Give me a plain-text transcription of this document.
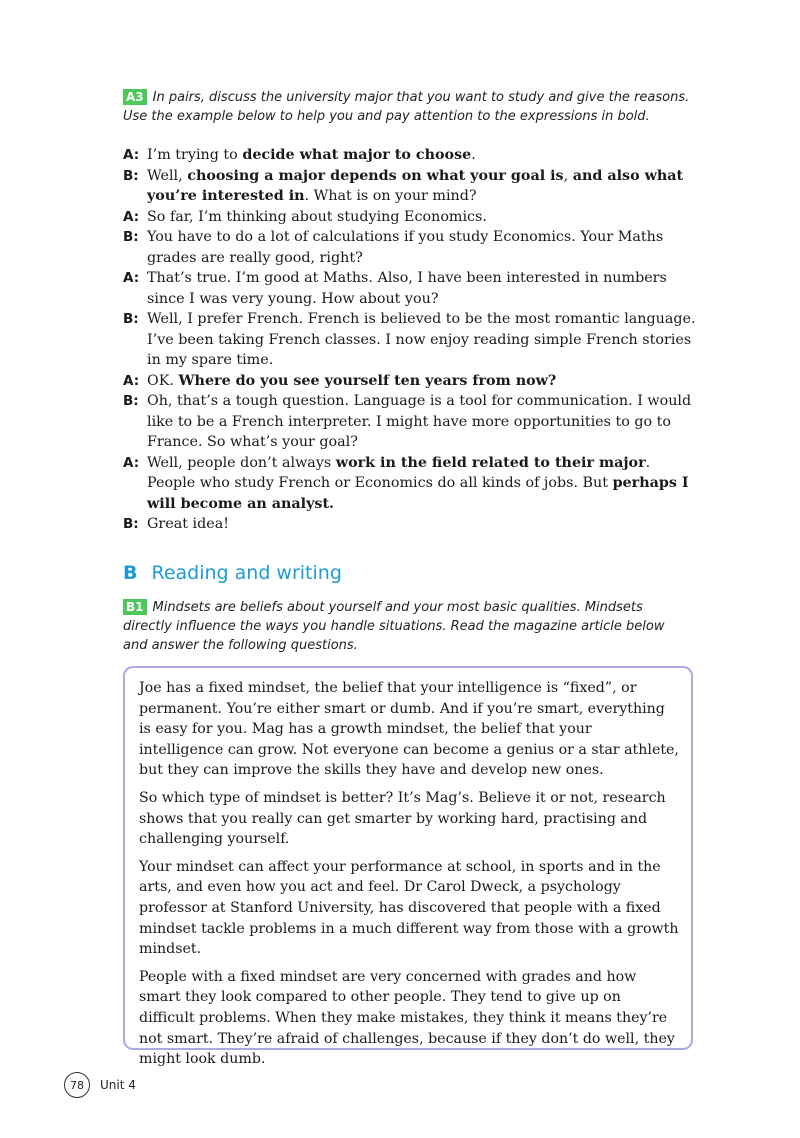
A3 In pairs, discuss the university major that you want to study and give the reasons. Use the example below to help you and pay attention to the expressions in bold.
A: I’m trying to decide what major to choose.
B: Well, choosing a major depends on what your goal is, and also what you’re interested in. What is on your mind?
A: So far, I’m thinking about studying Economics.
B: You have to do a lot of calculations if you study Economics. Your Maths grades are really good, right?
A: That’s true. I’m good at Maths. Also, I have been interested in numbers since I was very young. How about you?
B: Well, I prefer French. French is believed to be the most romantic language. I’ve been taking French classes. I now enjoy reading simple French stories in my spare time.
A: OK. Where do you see yourself ten years from now?
B: Oh, that’s a tough question. Language is a tool for communication. I would like to be a French interpreter. I might have more opportunities to go to France. So what’s your goal?
A: Well, people don’t always work in the field related to their major. People who study French or Economics do all kinds of jobs. But perhaps I will become an analyst.
B: Great idea!
B Reading and writing
B1 Mindsets are beliefs about yourself and your most basic qualities. Mindsets directly influence the ways you handle situations. Read the magazine article below and answer the following questions.

Joe has a fixed mindset, the belief that your intelligence is “fixed”, or permanent. You’re either smart or dumb. And if you’re smart, everything is easy for you. Mag has a growth mindset, the belief that your intelligence can grow. Not everyone can become a genius or a star athlete, but they can improve the skills they have and develop new ones.

So which type of mindset is better? It’s Mag’s. Believe it or not, research shows that you really can get smarter by working hard, practising and challenging yourself.

Your mindset can affect your performance at school, in sports and in the arts, and even how you act and feel. Dr Carol Dweck, a psychology professor at Stanford University, has discovered that people with a fixed mindset tackle problems in a much different way from those with a growth mindset.

People with a fixed mindset are very concerned with grades and how smart they look compared to other people. They tend to give up on difficult problems. When they make mistakes, they think it means they’re not smart. They’re afraid of challenges, because if they don’t do well, they might look dumb.

78	Unit 4
